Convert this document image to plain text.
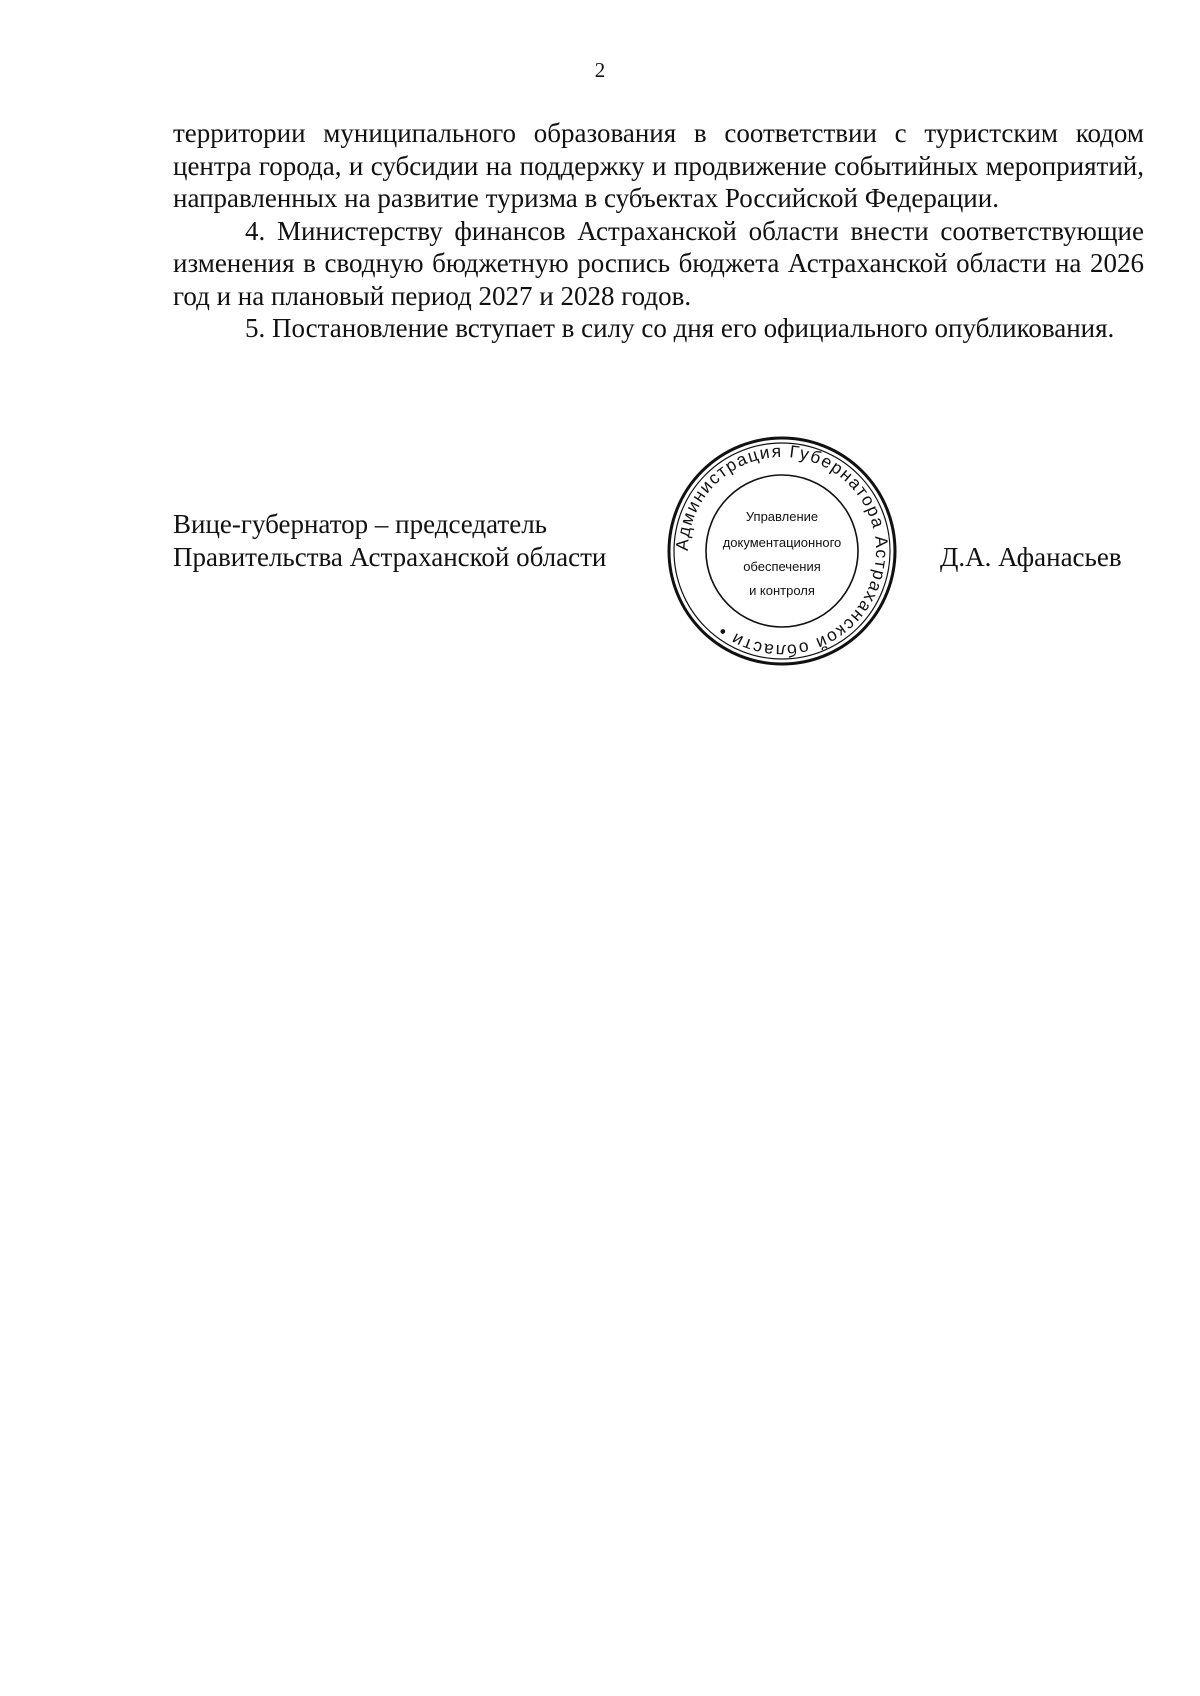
2

территории муниципального образования в соответствии с туристским кодом центра города, и субсидии на поддержку и продвижение событийных мероприятий, направленных на развитие туризма в субъектах Российской Федерации.

4. Министерству финансов Астраханской области внести соответствующие изменения в сводную бюджетную роспись бюджета Астраханской области на 2026 год и на плановый период 2027 и 2028 годов.

5. Постановление вступает в силу со дня его официального опубликования.

Вице-губернатор – председатель
Правительства Астраханской области	Д.А. Афанасьев
Администрация Губернатора Астраханской области •
Управление
документационного
обеспечения
и контроля
